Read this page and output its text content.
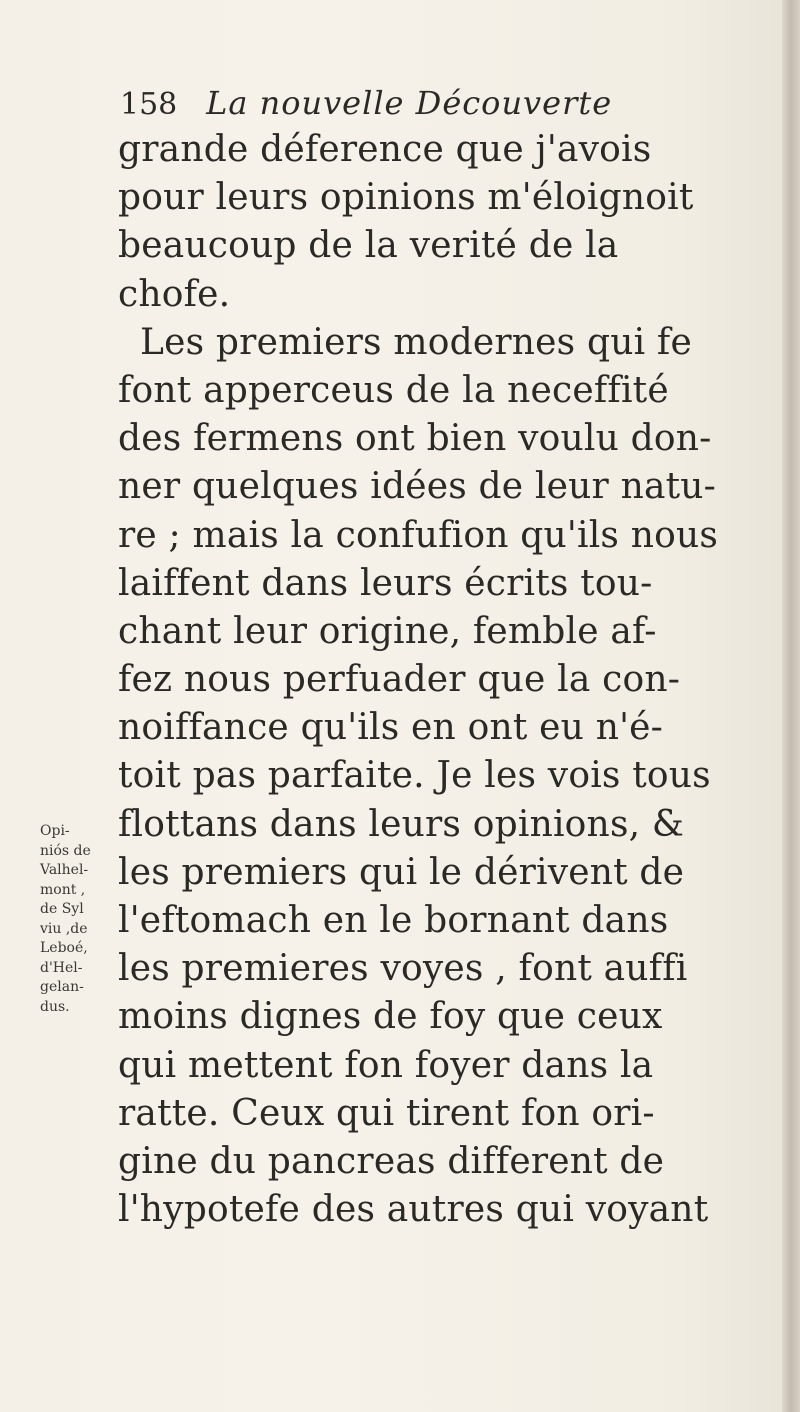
158 La nouvelle Découverte
grande déference que j'avois
pour leurs opinions m'éloignoit
beaucoup de la verité de la
chofe.
Les premiers modernes qui fe
font apperceus de la neceffité
des fermens ont bien voulu don-
ner quelques idées de leur natu-
re ; mais la confufion qu'ils nous
laiffent dans leurs écrits tou-
chant leur origine, femble af-
fez nous perfuader que la con-
noiffance qu'ils en ont eu n'é-
toit pas parfaite. Je les vois tous
flottans dans leurs opinions, &
les premiers qui le dérivent de
l'eftomach en le bornant dans
les premieres voyes , font auffi
moins dignes de foy que ceux
qui mettent fon foyer dans la
ratte. Ceux qui tirent fon ori-
gine du pancreas different de
l'hypotefe des autres qui voyant
Opi-
niós de
Valhel-
mont ,
de Syl
viu ,de
Leboé,
d'Hel-
gelan-
dus.
